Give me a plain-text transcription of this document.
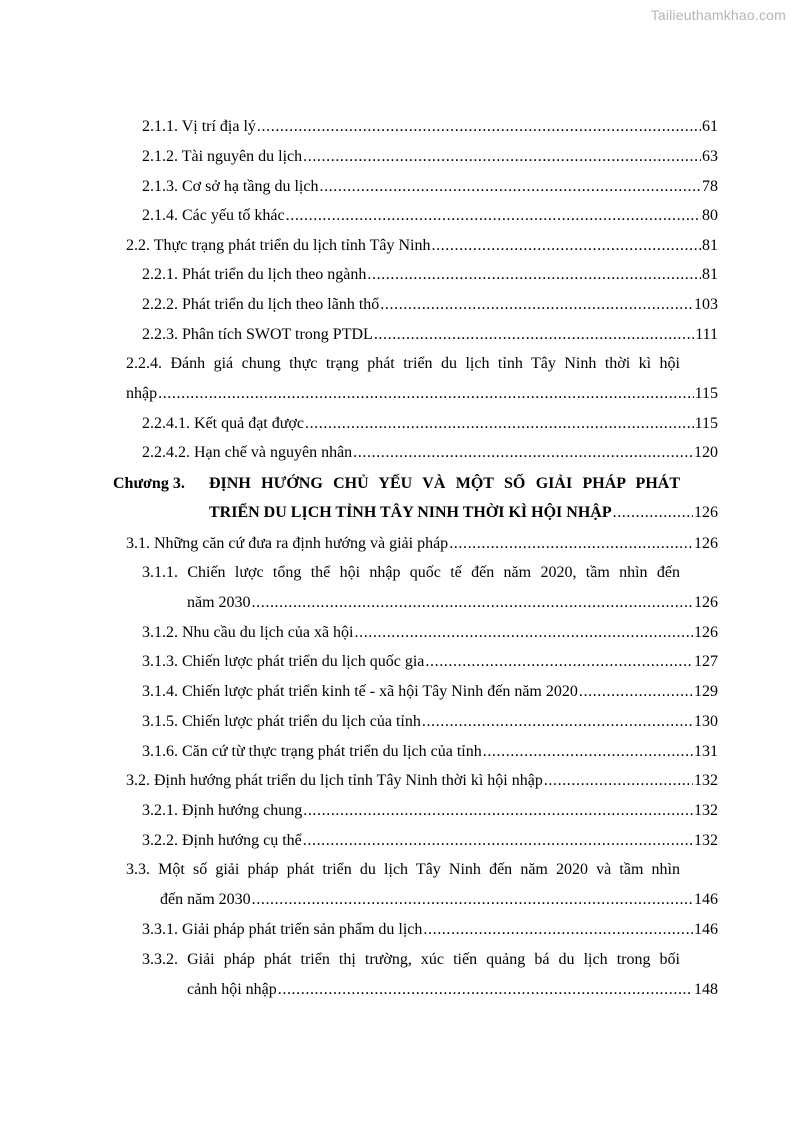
Tailieuthamkhao.com
2.1.1. Vị trí địa lý .....	61
2.1.2. Tài nguyên du lịch .....	63
2.1.3. Cơ sở hạ tầng du lịch .....	78
2.1.4. Các yếu tố khác .....	80
2.2. Thực trạng phát triển du lịch tỉnh Tây Ninh .....	81
2.2.1. Phát triển du lịch theo ngành .....	81
2.2.2. Phát triển du lịch theo lãnh thổ .....	103
2.2.3. Phân tích SWOT trong PTDL .....	111
2.2.4. Đánh giá chung thực trạng phát triển du lịch tỉnh Tây Ninh thời kì hội
nhập .....	115
2.2.4.1. Kết quả đạt được .....	115
2.2.4.2. Hạn chế và nguyên nhân .....	120
Chương 3. ĐỊNH HƯỚNG CHỦ YẾU VÀ MỘT SỐ GIẢI PHÁP PHÁT
TRIỂN DU LỊCH TỈNH TÂY NINH THỜI KÌ HỘI NHẬP .....	126
3.1. Những căn cứ đưa ra định hướng và giải pháp .....	126
3.1.1. Chiến lược tổng thể hội nhập quốc tế đến năm 2020, tầm nhìn đến
năm 2030 .....	126
3.1.2. Nhu cầu du lịch của xã hội .....	126
3.1.3. Chiến lược phát triển du lịch quốc gia .....	127
3.1.4. Chiến lược phát triển kinh tế - xã hội Tây Ninh đến năm 2020 .....	129
3.1.5. Chiến lược phát triển du lịch của tỉnh .....	130
3.1.6. Căn cứ từ thực trạng phát triển du lịch của tỉnh .....	131
3.2. Định hướng phát triển du lịch tỉnh Tây Ninh thời kì hội nhập .....	132
3.2.1. Định hướng chung .....	132
3.2.2. Định hướng cụ thể .....	132
3.3. Một số giải pháp phát triển du lịch Tây Ninh đến năm 2020 và tầm nhìn
đến năm 2030 .....	146
3.3.1. Giải pháp phát triển sản phẩm du lịch .....	146
3.3.2. Giải pháp phát triển thị trường, xúc tiến quảng bá du lịch trong bối
cảnh hội nhập .....	148
